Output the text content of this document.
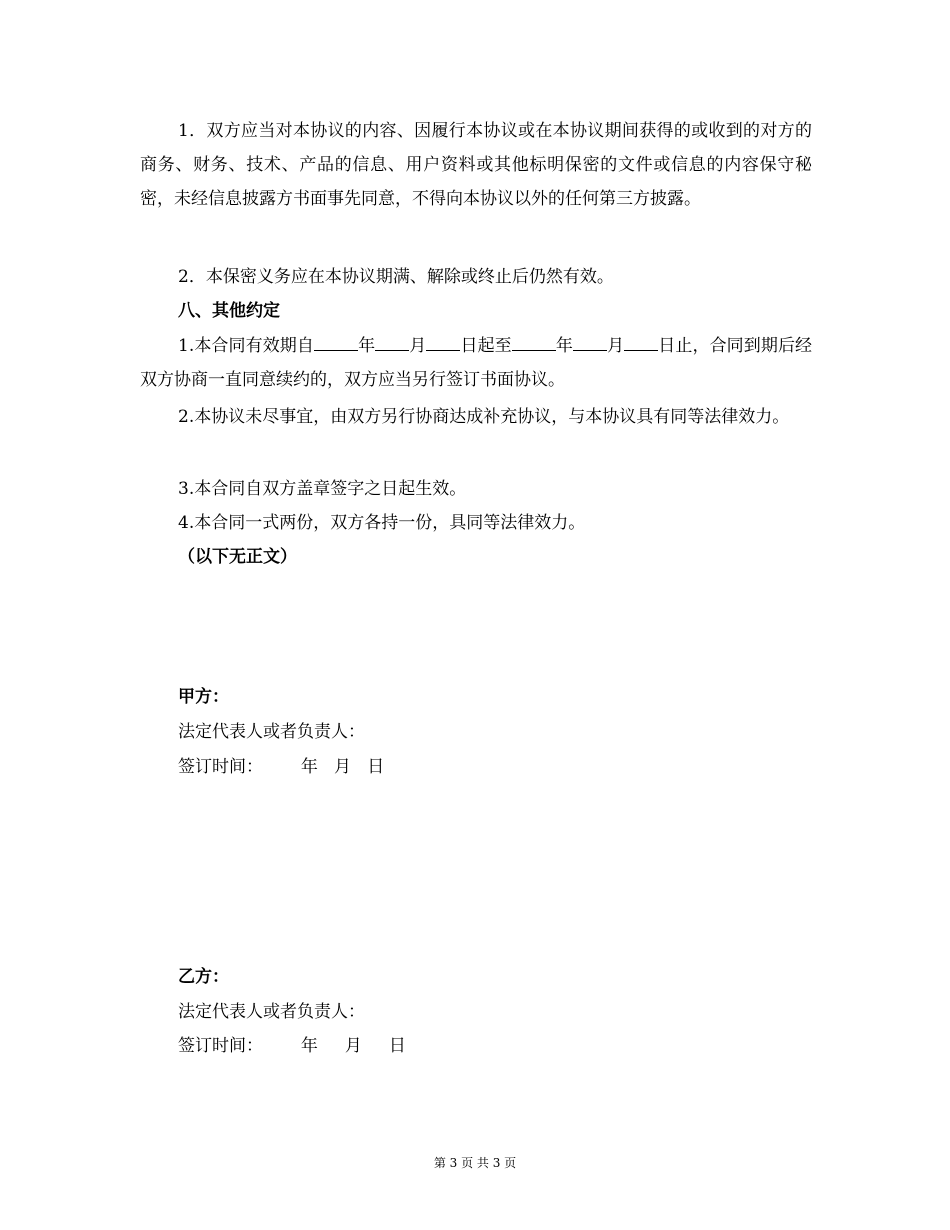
1．双方应当对本协议的内容、因履行本协议或在本协议期间获得的或收到的对方的商务、财务、技术、产品的信息、用户资料或其他标明保密的文件或信息的内容保守秘密，未经信息披露方书面事先同意，不得向本协议以外的任何第三方披露。
2．本保密义务应在本协议期满、解除或终止后仍然有效。
八、其他约定
1.本合同有效期自	年 月 日起至	年 月 日止，合同到期后经双方协商一直同意续约的，双方应当另行签订书面协议。
2.本协议未尽事宜，由双方另行协商达成补充协议，与本协议具有同等法律效力。
3.本合同自双方盖章签字之日起生效。
4.本合同一式两份，双方各持一份，具同等法律效力。
（以下无正文）
甲方：
法定代表人或者负责人：
签订时间：       年   月   日
乙方：
法定代表人或者负责人：
签订时间：       年     月     日
第 3 页 共 3 页
